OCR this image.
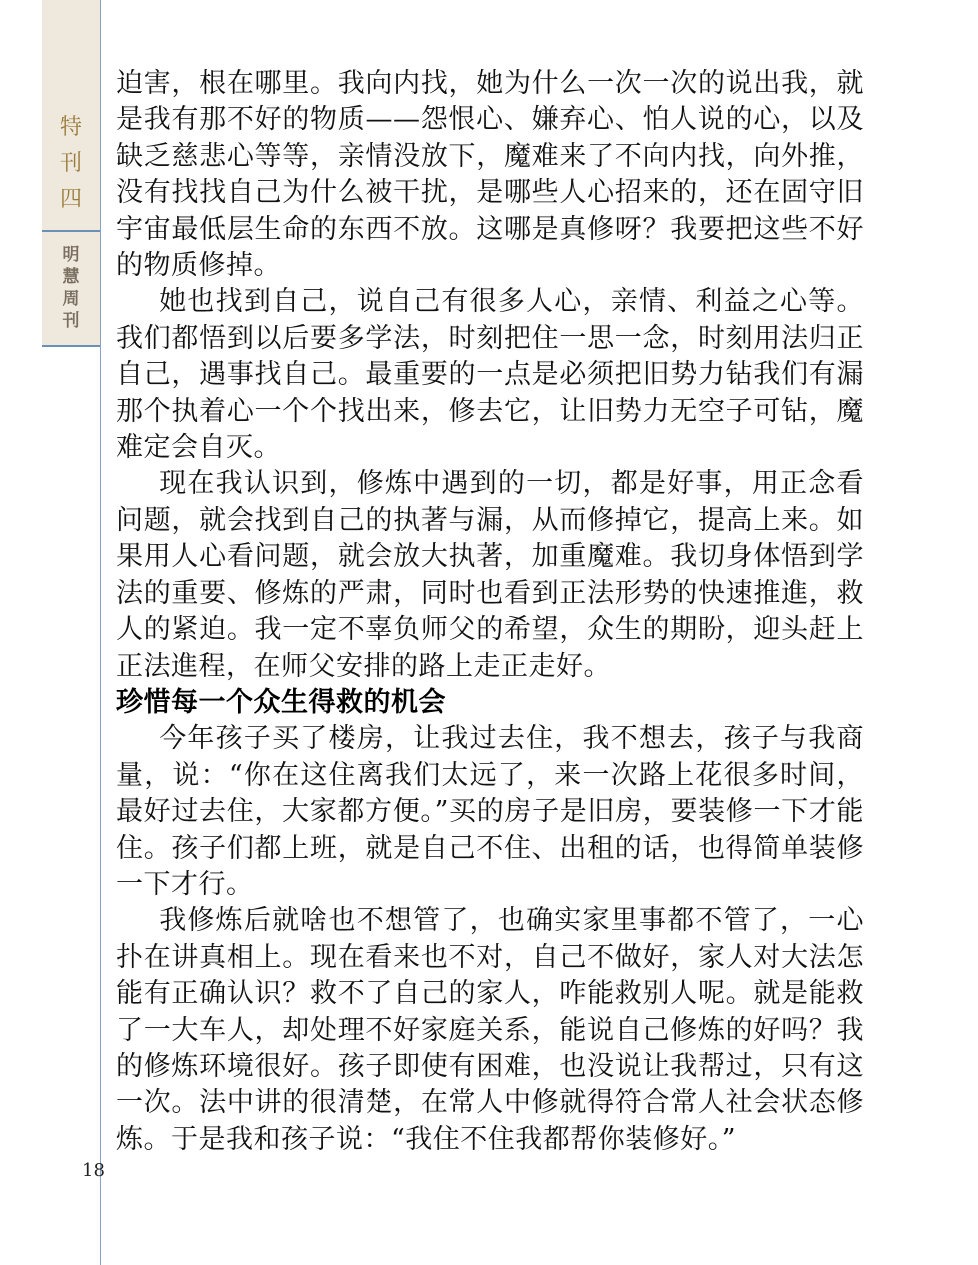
特
刊
四
明
慧
周
刊
18

迫害，根在哪里。我向内找，她为什么一次一次的说出我，就是我有那不好的物质——怨恨心、嫌弃心、怕人说的心，以及缺乏慈悲心等等，亲情没放下，魔难来了不向内找，向外推，没有找找自己为什么被干扰，是哪些人心招来的，还在固守旧宇宙最低层生命的东西不放。这哪是真修呀？我要把这些不好的物质修掉。

她也找到自己，说自己有很多人心，亲情、利益之心等。我们都悟到以后要多学法，时刻把住一思一念，时刻用法归正自己，遇事找自己。最重要的一点是必须把旧势力钻我们有漏那个执着心一个个找出来，修去它，让旧势力无空子可钻，魔难定会自灭。

现在我认识到，修炼中遇到的一切，都是好事，用正念看问题，就会找到自己的执著与漏，从而修掉它，提高上来。如果用人心看问题，就会放大执著，加重魔难。我切身体悟到学法的重要、修炼的严肃，同时也看到正法形势的快速推進，救人的紧迫。我一定不辜负师父的希望，众生的期盼，迎头赶上正法進程，在师父安排的路上走正走好。

珍惜每一个众生得救的机会

今年孩子买了楼房，让我过去住，我不想去，孩子与我商量，说：“你在这住离我们太远了，来一次路上花很多时间，最好过去住，大家都方便。”买的房子是旧房，要装修一下才能住。孩子们都上班，就是自己不住、出租的话，也得简单装修一下才行。

我修炼后就啥也不想管了，也确实家里事都不管了，一心扑在讲真相上。现在看来也不对，自己不做好，家人对大法怎能有正确认识？救不了自己的家人，咋能救别人呢。就是能救了一大车人，却处理不好家庭关系，能说自己修炼的好吗？我的修炼环境很好。孩子即使有困难，也没说让我帮过，只有这一次。法中讲的很清楚，在常人中修就得符合常人社会状态修炼。于是我和孩子说：“我住不住我都帮你装修好。”
